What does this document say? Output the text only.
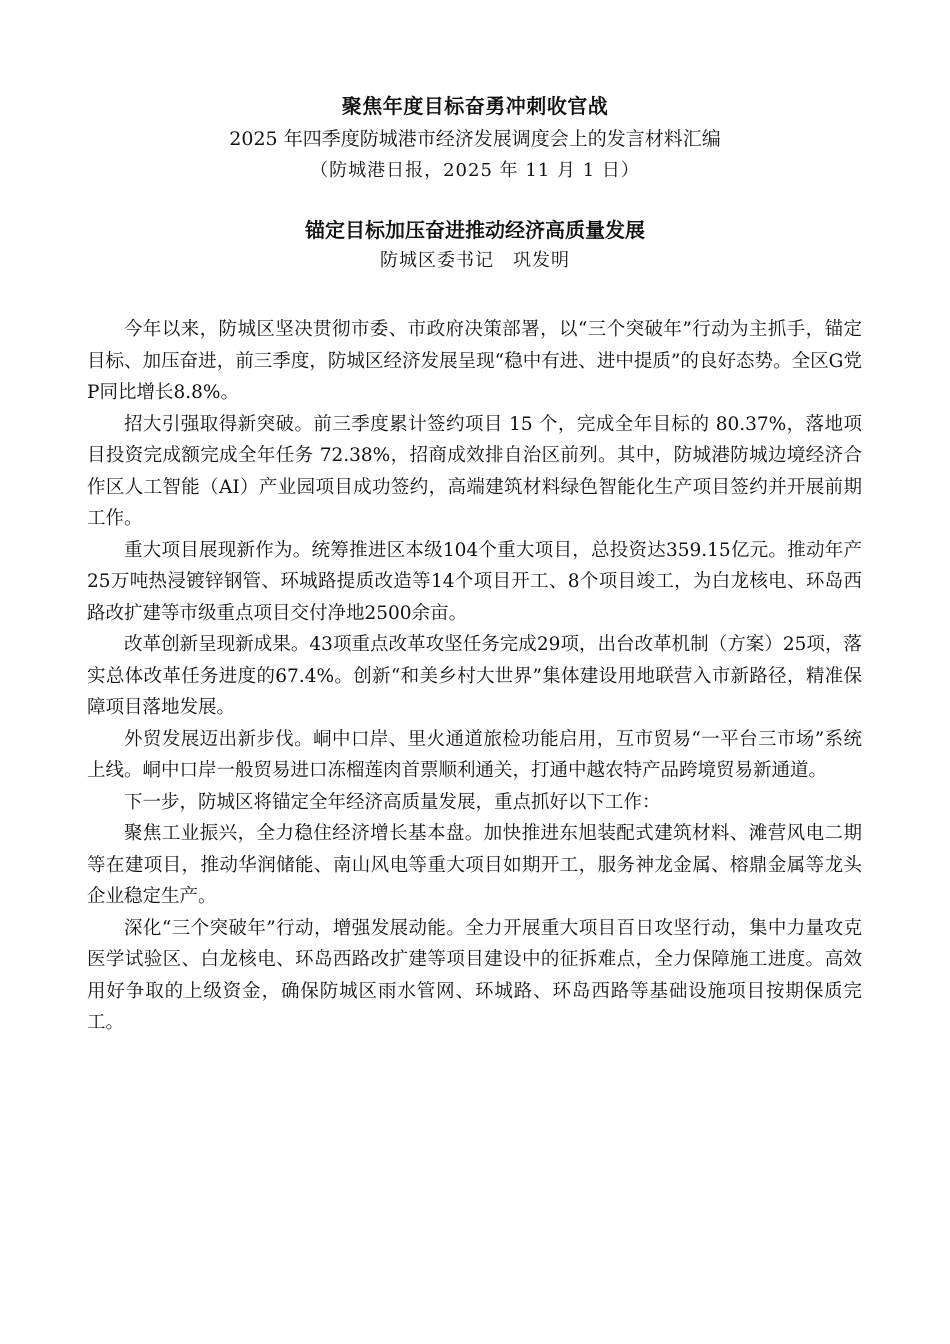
聚焦年度目标奋勇冲刺收官战
2025 年四季度防城港市经济发展调度会上的发言材料汇编
（防城港日报，2025 年 11 月 1 日）
锚定目标加压奋进推动经济高质量发展
防城区委书记　巩发明

今年以来，防城区坚决贯彻市委、市政府决策部署，以“三个突破年”行动为主抓手，锚定目标、加压奋进，前三季度，防城区经济发展呈现“稳中有进、进中提质”的良好态势。全区G党P同比增长8.8%。

招大引强取得新突破。前三季度累计签约项目 15 个，完成全年目标的 80.37%，落地项目投资完成额完成全年任务 72.38%，招商成效排自治区前列。其中，防城港防城边境经济合作区人工智能（AI）产业园项目成功签约，高端建筑材料绿色智能化生产项目签约并开展前期工作。

重大项目展现新作为。统筹推进区本级104个重大项目，总投资达359.15亿元。推动年产25万吨热浸镀锌钢管、环城路提质改造等14个项目开工、8个项目竣工，为白龙核电、环岛西路改扩建等市级重点项目交付净地2500余亩。

改革创新呈现新成果。43项重点改革攻坚任务完成29项，出台改革机制（方案）25项，落实总体改革任务进度的67.4%。创新“和美乡村大世界”集体建设用地联营入市新路径，精准保障项目落地发展。

外贸发展迈出新步伐。峒中口岸、里火通道旅检功能启用，互市贸易“一平台三市场”系统上线。峒中口岸一般贸易进口冻榴莲肉首票顺利通关，打通中越农特产品跨境贸易新通道。

下一步，防城区将锚定全年经济高质量发展，重点抓好以下工作：

聚焦工业振兴，全力稳住经济增长基本盘。加快推进东旭装配式建筑材料、滩营风电二期等在建项目，推动华润储能、南山风电等重大项目如期开工，服务神龙金属、榕鼎金属等龙头企业稳定生产。

深化“三个突破年”行动，增强发展动能。全力开展重大项目百日攻坚行动，集中力量攻克医学试验区、白龙核电、环岛西路改扩建等项目建设中的征拆难点，全力保障施工进度。高效用好争取的上级资金，确保防城区雨水管网、环城路、环岛西路等基础设施项目按期保质完工。
